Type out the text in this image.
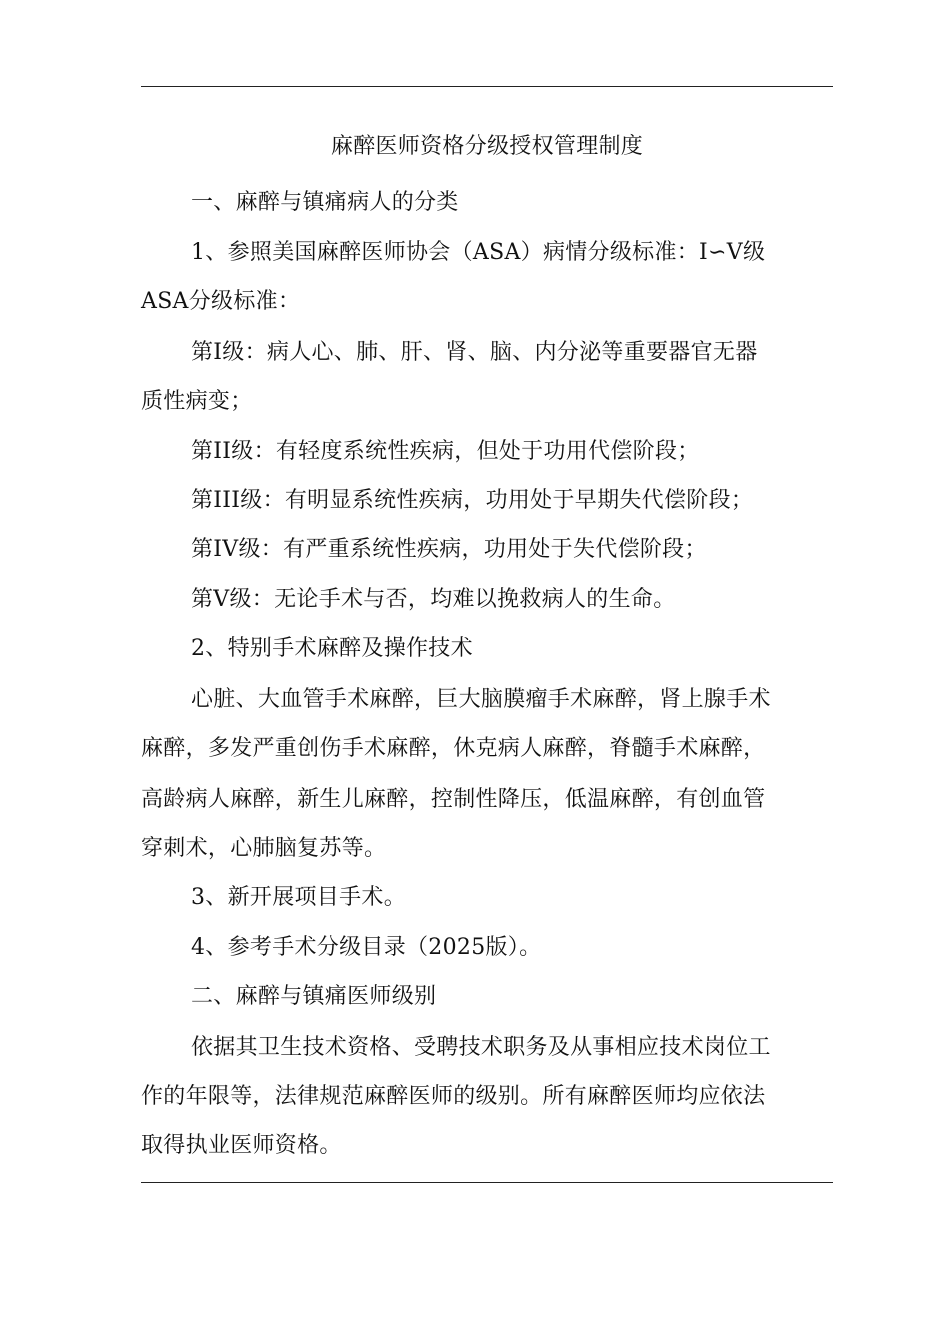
麻醉医师资格分级授权管理制度
一、麻醉与镇痛病人的分类
1、参照美国麻醉医师协会（ASA）病情分级标准：I∽V级
ASA分级标准：
第I级：病人心、肺、肝、肾、脑、内分泌等重要器官无器
质性病变；
第II级：有轻度系统性疾病，但处于功用代偿阶段；
第III级：有明显系统性疾病，功用处于早期失代偿阶段；
第IV级：有严重系统性疾病，功用处于失代偿阶段；
第V级：无论手术与否，均难以挽救病人的生命。
2、特别手术麻醉及操作技术
心脏、大血管手术麻醉，巨大脑膜瘤手术麻醉，肾上腺手术
麻醉，多发严重创伤手术麻醉，休克病人麻醉，脊髓手术麻醉，
高龄病人麻醉，新生儿麻醉，控制性降压，低温麻醉，有创血管
穿刺术，心肺脑复苏等。
3、新开展项目手术。
4、参考手术分级目录（2025版）。
二、麻醉与镇痛医师级别
依据其卫生技术资格、受聘技术职务及从事相应技术岗位工
作的年限等，法律规范麻醉医师的级别。所有麻醉医师均应依法
取得执业医师资格。
